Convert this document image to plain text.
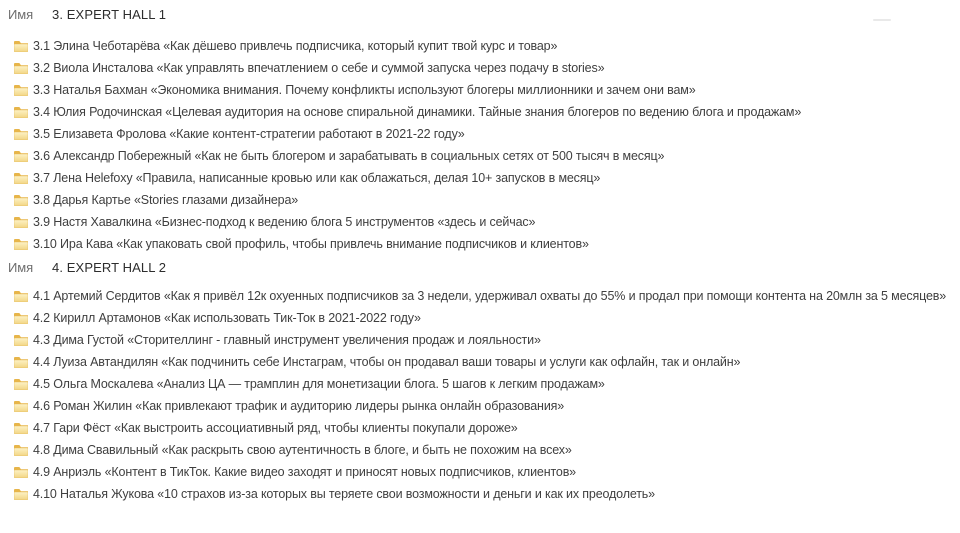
Имя 3. EXPERT HALL 1
3.1 Элина Чеботарёва «Как дёшево привлечь подписчика, который купит твой курс и товар»
3.2 Виола Инсталова «Как управлять впечатлением о себе и суммой запуска через подачу в stories»
3.3 Наталья Бахман «Экономика внимания. Почему конфликты используют блогеры миллионники и зачем они вам»
3.4 Юлия Родочинская «Целевая аудитория на основе спиральной динамики. Тайные знания блогеров по ведению блога и продажам»
3.5 Елизавета Фролова «Какие контент-стратегии работают в 2021-22 году»
3.6 Александр Побережный «Как не быть блогером и зарабатывать в социальных сетях от 500 тысяч в месяц»
3.7 Лена Helefoxy «Правила, написанные кровью или как облажаться, делая 10+ запусков в месяц»
3.8 Дарья Картье «Stories глазами дизайнера»
3.9 Настя Хавалкина «Бизнес-подход к ведению блога 5 инструментов «здесь и сейчас»
3.10 Ира Кава «Как упаковать свой профиль, чтобы привлечь внимание подписчиков и клиентов»
Имя 4. EXPERT HALL 2
4.1 Артемий Сердитов «Как я привёл 12к охуенных подписчиков за 3 недели, удерживал охваты до 55% и продал при помощи контента на 20млн за 5 месяцев»
4.2 Кирилл Артамонов «Как использовать Тик-Ток в 2021-2022 году»
4.3 Дима Густой «Сторителлинг - главный инструмент увеличения продаж и лояльности»
4.4 Луиза Автандилян «Как подчинить себе Инстаграм, чтобы он продавал ваши товары и услуги как офлайн, так и онлайн»
4.5 Ольга Москалева «Анализ ЦА — трамплин для монетизации блога. 5 шагов к легким продажам»
4.6 Роман Жилин «Как привлекают трафик и аудиторию лидеры рынка онлайн образования»
4.7 Гари Фёст «Как выстроить ассоциативный ряд, чтобы клиенты покупали дороже»
4.8 Дима Свавильный «Как раскрыть свою аутентичность в блоге, и быть не похожим на всех»
4.9 Анриэль «Контент в ТикТок. Какие видео заходят и приносят новых подписчиков, клиентов»
4.10 Наталья Жукова «10 страхов из-за которых вы теряете свои возможности и деньги и как их преодолеть»
